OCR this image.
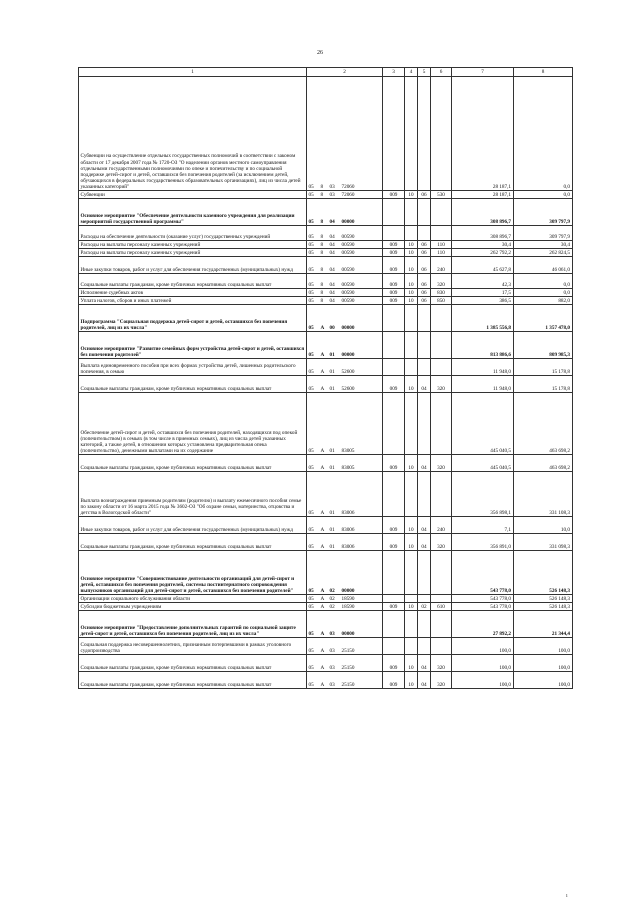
26
1	2	3	4	5	6	7	8
Субвенции на осуществление отдельных государственных полномочий в соответствии с законом области от 17 декабря 2007 года № 1720-ОЗ "О наделении органов местного самоуправления отдельными государственными полномочиями по опеке и попечительству и по социальной поддержке детей-сирот и детей, оставшихся без попечения родителей (за исключением детей, обучающихся в федеральных государственных образовательных организациях), лиц из числа детей указанных категорий"	05 8 03 72060					28 187,1	0,0
Субвенции	05 8 03 72060	009	10	06	530	28 187,1	0,0
Основное мероприятие "Обеспечение деятельности казенного учреждения для реализации мероприятий государственной программы"	05 8 04 00000					308 896,7	309 797,9
Расходы на обеспечение деятельности (оказание услуг) государственных учреждений	05 8 04 00590					308 896,7	309 797,9
Расходы на выплаты персоналу казенных учреждений	05 8 04 00590	009	10	06	110	30,4	30,4
Расходы на выплаты персоналу казенных учреждений	05 8 04 00590	009	10	06	110	262 792,2	262 824,5
Иные закупки товаров, работ и услуг для обеспечения государственных (муниципальных) нужд	05 8 04 00590	009	10	06	240	45 627,8	46 061,0
Социальные выплаты гражданам, кроме публичных нормативных социальных выплат	05 8 04 00590	009	10	06	320	42,3	0,0
Исполнение судебных актов	05 8 04 00590	009	10	06	830	17,5	0,0
Уплата налогов, сборов и иных платежей	05 8 04 00590	009	10	06	850	386,5	882,0
Подпрограмма "Социальная поддержка детей-сирот и детей, оставшихся без попечения родителей, лиц из их числа"	05 А 00 00000					1 385 556,8	1 357 478,0
Основное мероприятие "Развитие семейных форм устройства детей-сирот и детей, оставшихся без попечения родителей"	05 А 01 00000					813 886,6	809 985,3
Выплата единовременного пособия при всех формах устройства детей, лишенных родительского попечения, в семью	05 А 01 52600					11 948,0	15 178,8
Социальные выплаты гражданам, кроме публичных нормативных социальных выплат	05 А 01 52600	009	10	04	320	11 948,0	15 178,8
Обеспечение детей-сирот и детей, оставшихся без попечения родителей, находящихся под опекой (попечительством) в семьях (в том числе в приемных семьях), лиц из числа детей указанных категорий, а также детей, в отношении которых установлена предварительная опека (попечительство), денежными выплатами на их содержание	05 А 01 83005					445 040,5	463 698,2
Социальные выплаты гражданам, кроме публичных нормативных социальных выплат	05 А 01 83005	009	10	04	320	445 040,5	463 698,2
Выплата вознаграждения приемным родителям (родителю) и выплату ежемесячного пособия семье по закону области от 16 марта 2015 года № 3602-ОЗ "Об охране семьи, материнства, отцовства и детства в Вологодской области"	05 А 01 83006					356 898,1	331 108,3
Иные закупки товаров, работ и услуг для обеспечения государственных (муниципальных) нужд	05 А 01 83006	009	10	04	240	7,1	10,0
Социальные выплаты гражданам, кроме публичных нормативных социальных выплат	05 А 01 83006	009	10	04	320	356 891,0	331 098,3
Основное мероприятие "Совершенствование деятельности организаций для детей-сирот и детей, оставшихся без попечения родителей, системы постинтернатного сопровождения выпускников организаций для детей-сирот и детей, оставшихся без попечения родителей"	05 А 02 00000					543 778,0	526 148,3
Организации социального обслуживания области	05 А 02 18590					543 778,0	526 148,3
Субсидии бюджетным учреждениям	05 А 02 18590	009	10	02	610	543 778,0	526 148,3
Основное мероприятие "Предоставление дополнительных гарантий по социальной защите детей-сирот и детей, оставшихся без попечения родителей, лиц из их числа"	05 А 03 00000					27 892,2	21 344,4
Социальная поддержка несовершеннолетних, признанным потерпевшими в рамках уголовного судопроизводства	05 А 03 25150					100,0	100,0
Социальные выплаты гражданам, кроме публичных нормативных социальных выплат	05 А 03 25150	009	10	04	320	100,0	100,0
Социальные выплаты гражданам, кроме публичных нормативных социальных выплат	05 А 03 25150	009	10	04	320	100,0	100,0
ı
